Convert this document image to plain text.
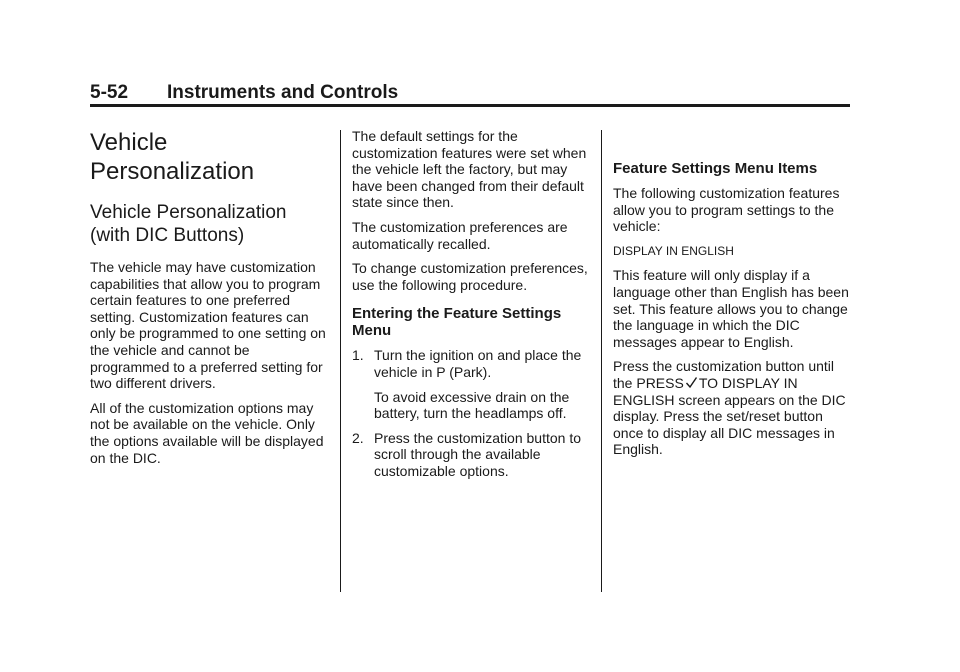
5-52 Instruments and Controls
Vehicle Personalization
Vehicle Personalization (with DIC Buttons)

The vehicle may have customization capabilities that allow you to program certain features to one preferred setting. Customization features can only be programmed to one setting on the vehicle and cannot be programmed to a preferred setting for two different drivers.

All of the customization options may not be available on the vehicle. Only the options available will be displayed on the DIC.

The default settings for the customization features were set when the vehicle left the factory, but may have been changed from their default state since then.

The customization preferences are automatically recalled.

To change customization preferences, use the following procedure.

Entering the Feature Settings Menu
1. Turn the ignition on and place the vehicle in P (Park).

To avoid excessive drain on the battery, turn the headlamps off.

2. Press the customization button to scroll through the available customizable options.

Feature Settings Menu Items

The following customization features allow you to program settings to the vehicle:

DISPLAY IN ENGLISH

This feature will only display if a language other than English has been set. This feature allows you to change the language in which the DIC messages appear to English.

Press the customization button until the PRESS TO DISPLAY IN ENGLISH screen appears on the DIC display. Press the set/reset button once to display all DIC messages in English.
